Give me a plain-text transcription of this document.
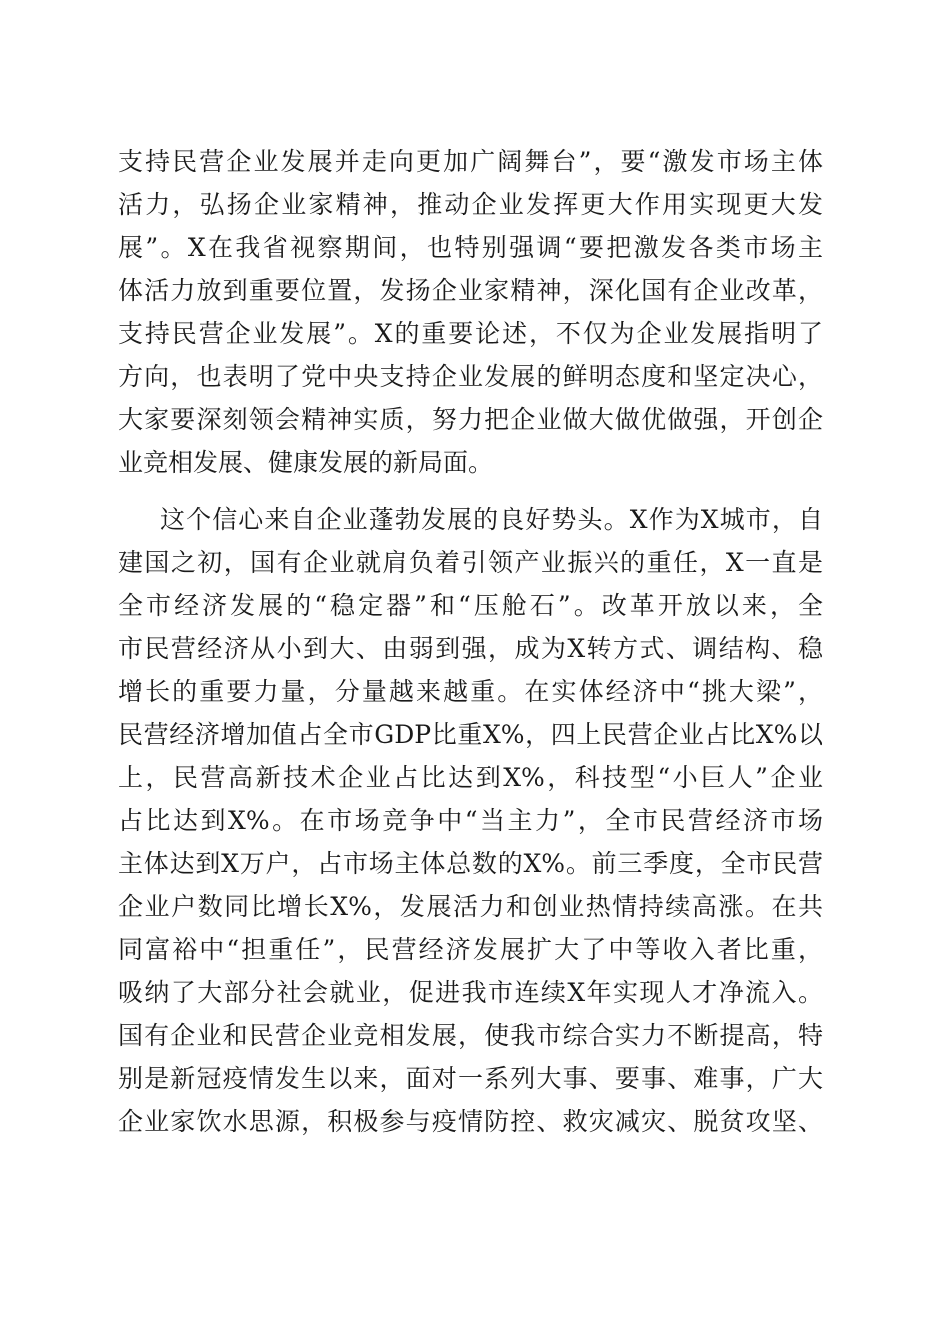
支持民营企业发展并走向更加广阔舞台”，要“激发市场主体
活力，弘扬企业家精神，推动企业发挥更大作用实现更大发
展”。X在我省视察期间，也特别强调“要把激发各类市场主
体活力放到重要位置，发扬企业家精神，深化国有企业改革，
支持民营企业发展”。X的重要论述，不仅为企业发展指明了
方向，也表明了党中央支持企业发展的鲜明态度和坚定决心，
大家要深刻领会精神实质，努力把企业做大做优做强，开创企
业竞相发展、健康发展的新局面。
这个信心来自企业蓬勃发展的良好势头。X作为X城市，自
建国之初，国有企业就肩负着引领产业振兴的重任，X一直是
全市经济发展的“稳定器”和“压舱石”。改革开放以来，全
市民营经济从小到大、由弱到强，成为X转方式、调结构、稳
增长的重要力量，分量越来越重。在实体经济中“挑大梁”，
民营经济增加值占全市GDP比重X%，四上民营企业占比X%以
上，民营高新技术企业占比达到X%，科技型“小巨人”企业
占比达到X%。在市场竞争中“当主力”，全市民营经济市场
主体达到X万户，占市场主体总数的X%。前三季度，全市民营
企业户数同比增长X%，发展活力和创业热情持续高涨。在共
同富裕中“担重任”，民营经济发展扩大了中等收入者比重，
吸纳了大部分社会就业，促进我市连续X年实现人才净流入。
国有企业和民营企业竞相发展，使我市综合实力不断提高，特
别是新冠疫情发生以来，面对一系列大事、要事、难事，广大
企业家饮水思源，积极参与疫情防控、救灾减灾、脱贫攻坚、
